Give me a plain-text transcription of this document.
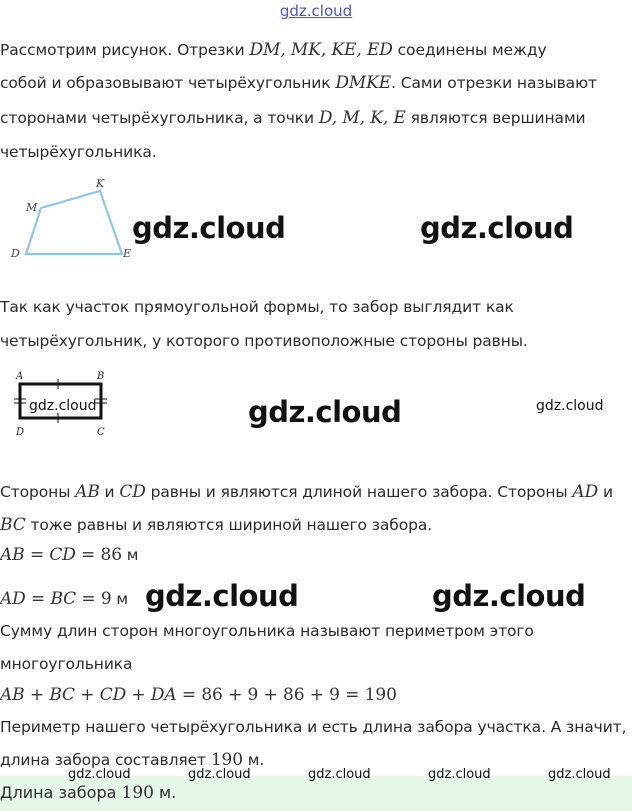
gdz.cloud
Рассмотрим рисунок. Отрезки DM, MK, KE, ED соединены между
собой и образовывают четырёхугольник DMKE. Сами отрезки называют
сторонами четырёхугольника, а точки D, M, K, E являются вершинами
четырёхугольника.
M
K
D	E
gdz.cloud	gdz.cloud
Так как участок прямоугольной формы, то забор выглядит как
четырёхугольник, у которого противоположные стороны равны.
A	B
D	C
gdz.cloud	gdz.cloud	gdz.cloud
Стороны AB и CD равны и являются длиной нашего забора. Стороны AD и
BC тоже равны и являются шириной нашего забора.
AB = CD = 86 м
AD = BC = 9 м gdz.cloud	gdz.cloud
Сумму длин сторон многоугольника называют периметром этого
многоугольника
AB + BC + CD + DA = 86 + 9 + 86 + 9 = 190
Периметр нашего четырёхугольника и есть длина забора участка. А значит,
длина забора составляет 190 м.
Длина забора 190 м.
gdz.cloud	gdz.cloud	gdz.cloud	gdz.cloud	gdz.cloud
